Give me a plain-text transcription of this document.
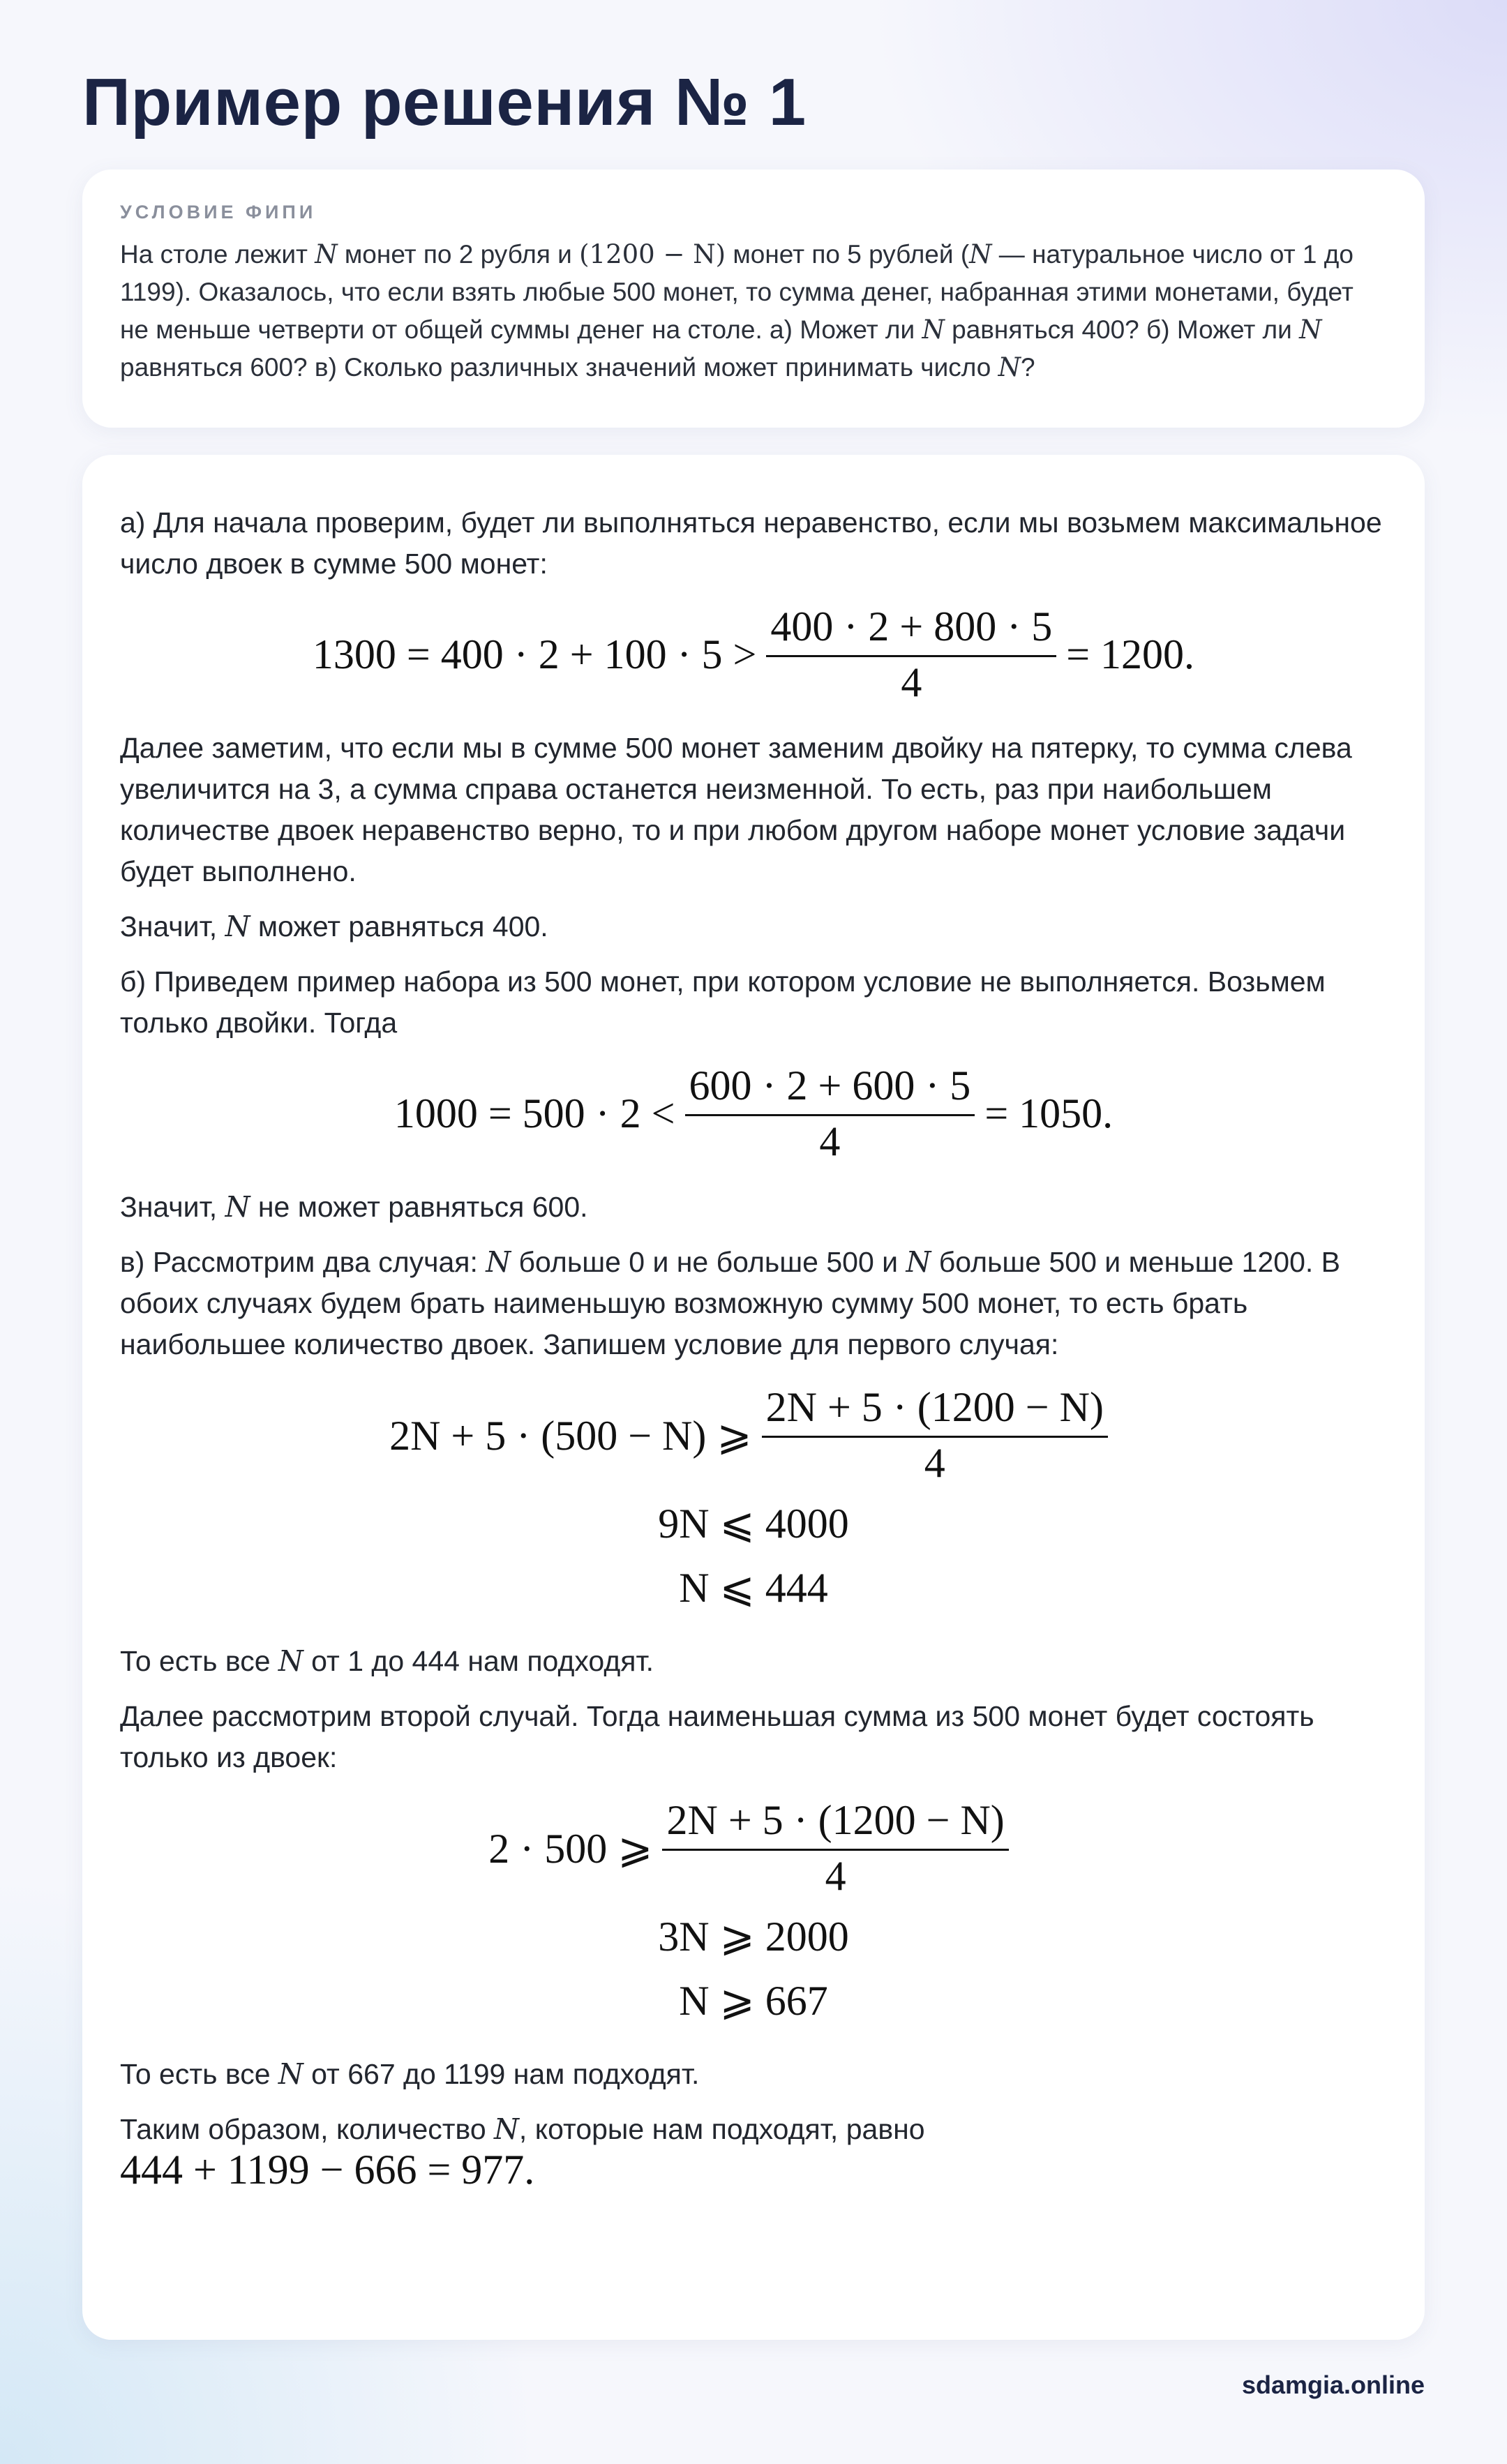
Пример решения № 1
УСЛОВИЕ ФИПИ
На столе лежит N монет по 2 рубля и (1200 − N) монет по 5 рублей (N — натуральное число от 1 до 1199). Оказалось, что если взять любые 500 монет, то сумма денег, набранная этими монетами, будет не меньше четверти от общей суммы денег на столе. а) Может ли N равняться 400? б) Может ли N равняться 600? в) Сколько различных значений может принимать число N?

а) Для начала проверим, будет ли выполняться неравенство, если мы возьмем максимальное число двоек в сумме 500 монет:

$1300 = 400 \cdot 2 + 100 \cdot 5 > \frac{400 \cdot 2 + 800 \cdot 5}{4} = 1200$.

Далее заметим, что если мы в сумме 500 монет заменим двойку на пятерку, то сумма слева увеличится на 3, а сумма справа останется неизменной. То есть, раз при наибольшем количестве двоек неравенство верно, то и при любом другом наборе монет условие задачи будет выполнено.

Значит, N может равняться 400.

б) Приведем пример набора из 500 монет, при котором условие не выполняется. Возьмем только двойки. Тогда

$1000 = 500 \cdot 2 < \frac{600 \cdot 2 + 600 \cdot 5}{4} = 1050$.

Значит, N не может равняться 600.

в) Рассмотрим два случая: N больше 0 и не больше 500 и N больше 500 и меньше 1200. В обоих случаях будем брать наименьшую возможную сумму 500 монет, то есть брать наибольшее количество двоек. Запишем условие для первого случая:

2N + 5 · (500 − N) ⩾ $\frac{2N + 5 \cdot (1200 - N)}{4}$
9N ⩽ 4000
N ⩽ 444

То есть все N от 1 до 444 нам подходят.

Далее рассмотрим второй случай. Тогда наименьшая сумма из 500 монет будет состоять только из двоек:

2 · 500 ⩾ $\frac{2N + 5 \cdot (1200 - N)}{4}$
3N ⩾ 2000
N ⩾ 667

То есть все N от 667 до 1199 нам подходят.

Таким образом, количество N, которые нам подходят, равно

444 + 1199 − 666 = 977.
sdamgia.online
